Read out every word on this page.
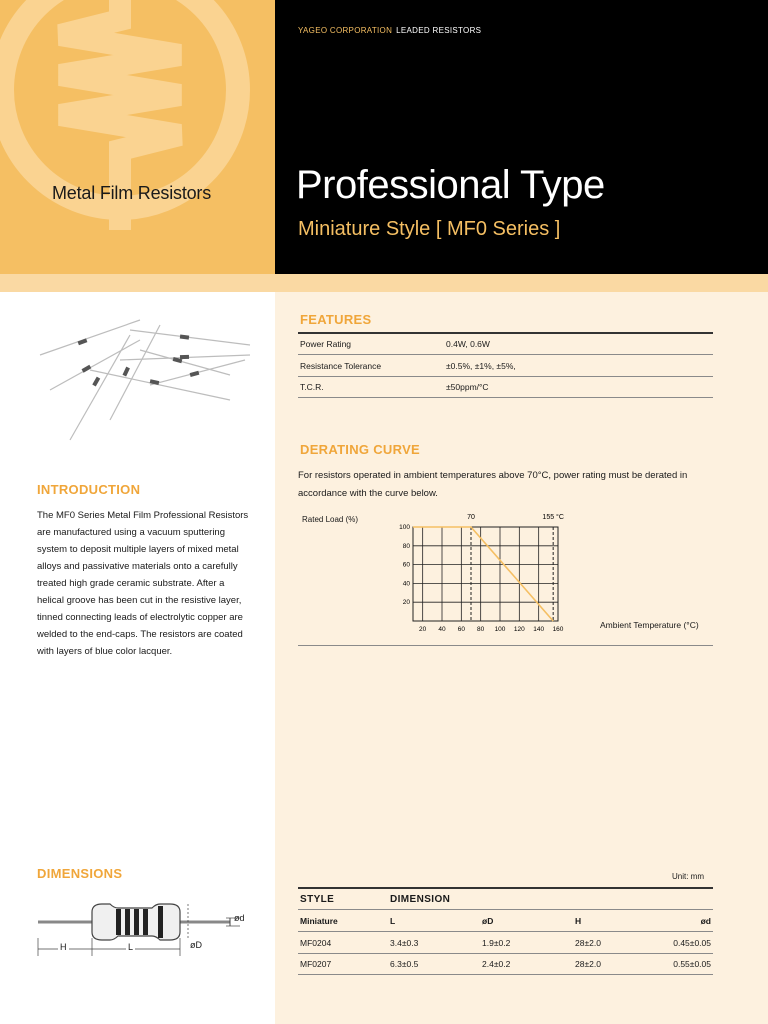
Metal Film Resistors
YAGEO CORPORATION LEADED RESISTORS
Professional Type
Miniature Style [ MF0 Series ]
FEATURES
Power Rating	0.4W, 0.6W
Resistance Tolerance	±0.5%, ±1%, ±5%,
T.C.R.	±50ppm/°C
DERATING CURVE
For resistors operated in ambient temperatures above 70°C, power rating must be derated in accordance with the curve below.
Rated Load (%)
Ambient Temperature (°C)
20 40 60 80 100 120 140 160
20
40
60
80
100
70	155 °C
INTRODUCTION
The MF0 Series Metal Film Professional Resistors are manufactured using a vacuum sputtering system to deposit multiple layers of mixed metal alloys and passivative materials onto a carefully treated high grade ceramic substrate. After a helical groove has been cut in the resistive layer, tinned connecting leads of electrolytic copper are welded to the end-caps. The resistors are coated with layers of blue color lacquer.
DIMENSIONS	Unit: mm
H	L	øD
ød
STYLE	DIMENSION
Miniature	L	øD	H	ød
MF0204	3.4±0.3	1.9±0.2	28±2.0	0.45±0.05
MF0207	6.3±0.5	2.4±0.2	28±2.0	0.55±0.05
